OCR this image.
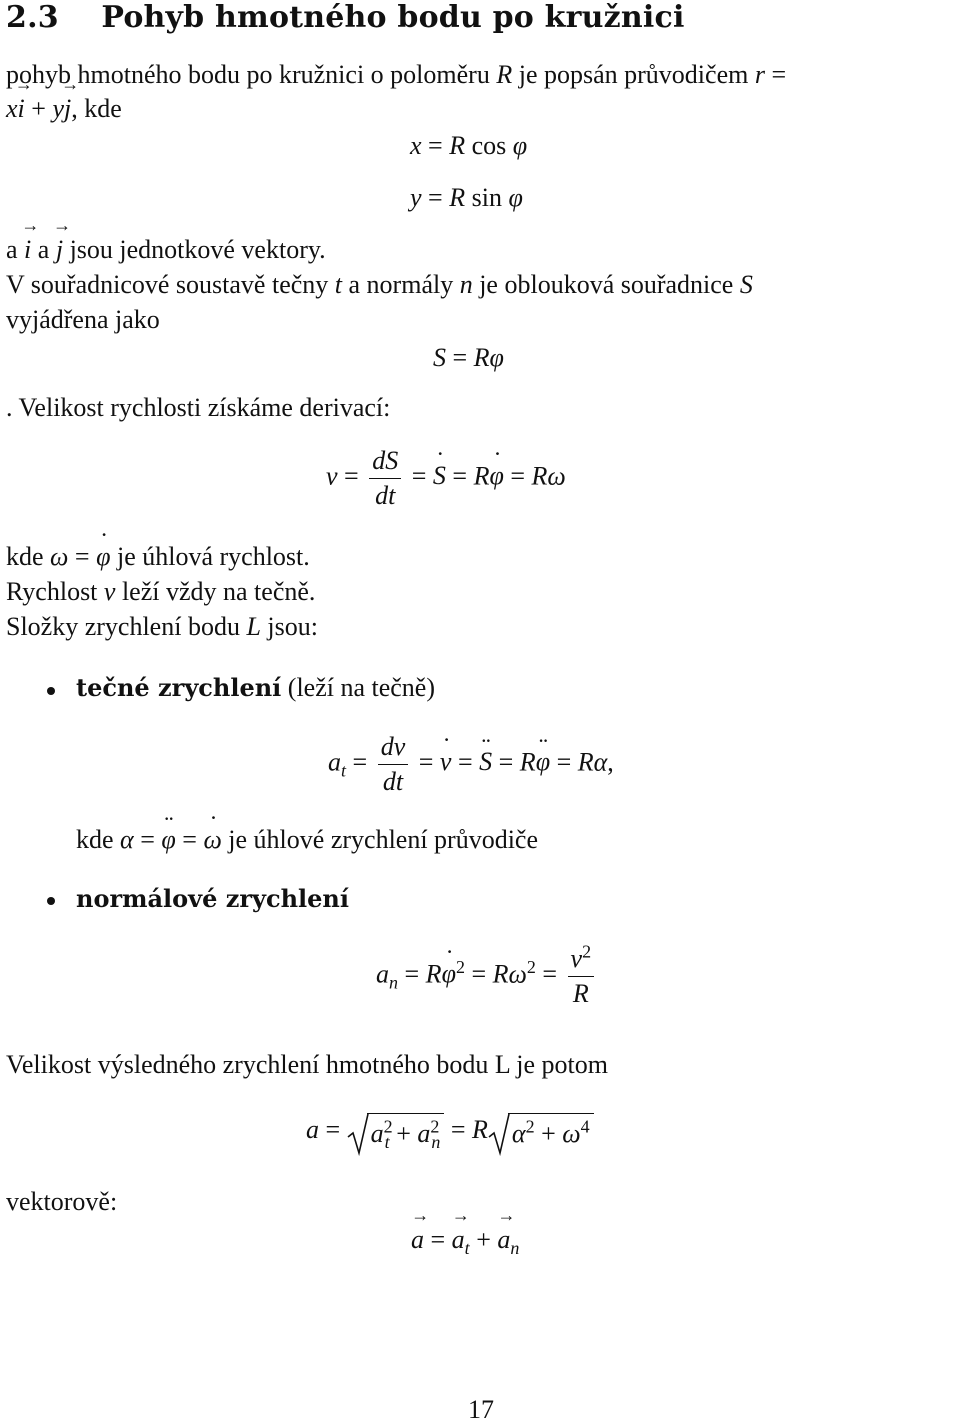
2.3 Pohyb hmotného bodu po kružnici
pohyb hmotného bodu po kružnici o poloměru R je popsán průvodičem r =
x→ i + y→ j, kde
x = R cos φ
y = R sin φ
a → i a → j jsou jednotkové vektory.
V souřadnicové soustavě tečny t a normály n je oblouková souřadnice S
vyjádřena jako
S = Rφ
. Velikost rychlosti získáme derivací:
$v = \frac{dS}{dt} = S$ ˙ = Rφ ˙ = Rω
kde ω = φ ˙ je úhlová rychlost.
Rychlost v leží vždy na tečně.
Složky zrychlení bodu L jsou:
tečné zrychlení (leží na tečně)
$a_t = \frac{dv}{dt} = v$ ˙ = S ¨ = Rφ ¨ = Rα,
kde α = φ ¨ = ω ˙ je úhlové zrychlení průvodiče
normálové zrychlení
$a_n = R\varphi$ ˙$^2$ = $R\omega^2 = \frac{v^2}{R}$
Velikost výsledného zrychlení hmotného bodu L je potom
a =
$a^2_t + a^2_n = R$ $\alpha^2 + \omega^4$
vektorově:
→ a = → $a_t$ + → $a_n$
17
